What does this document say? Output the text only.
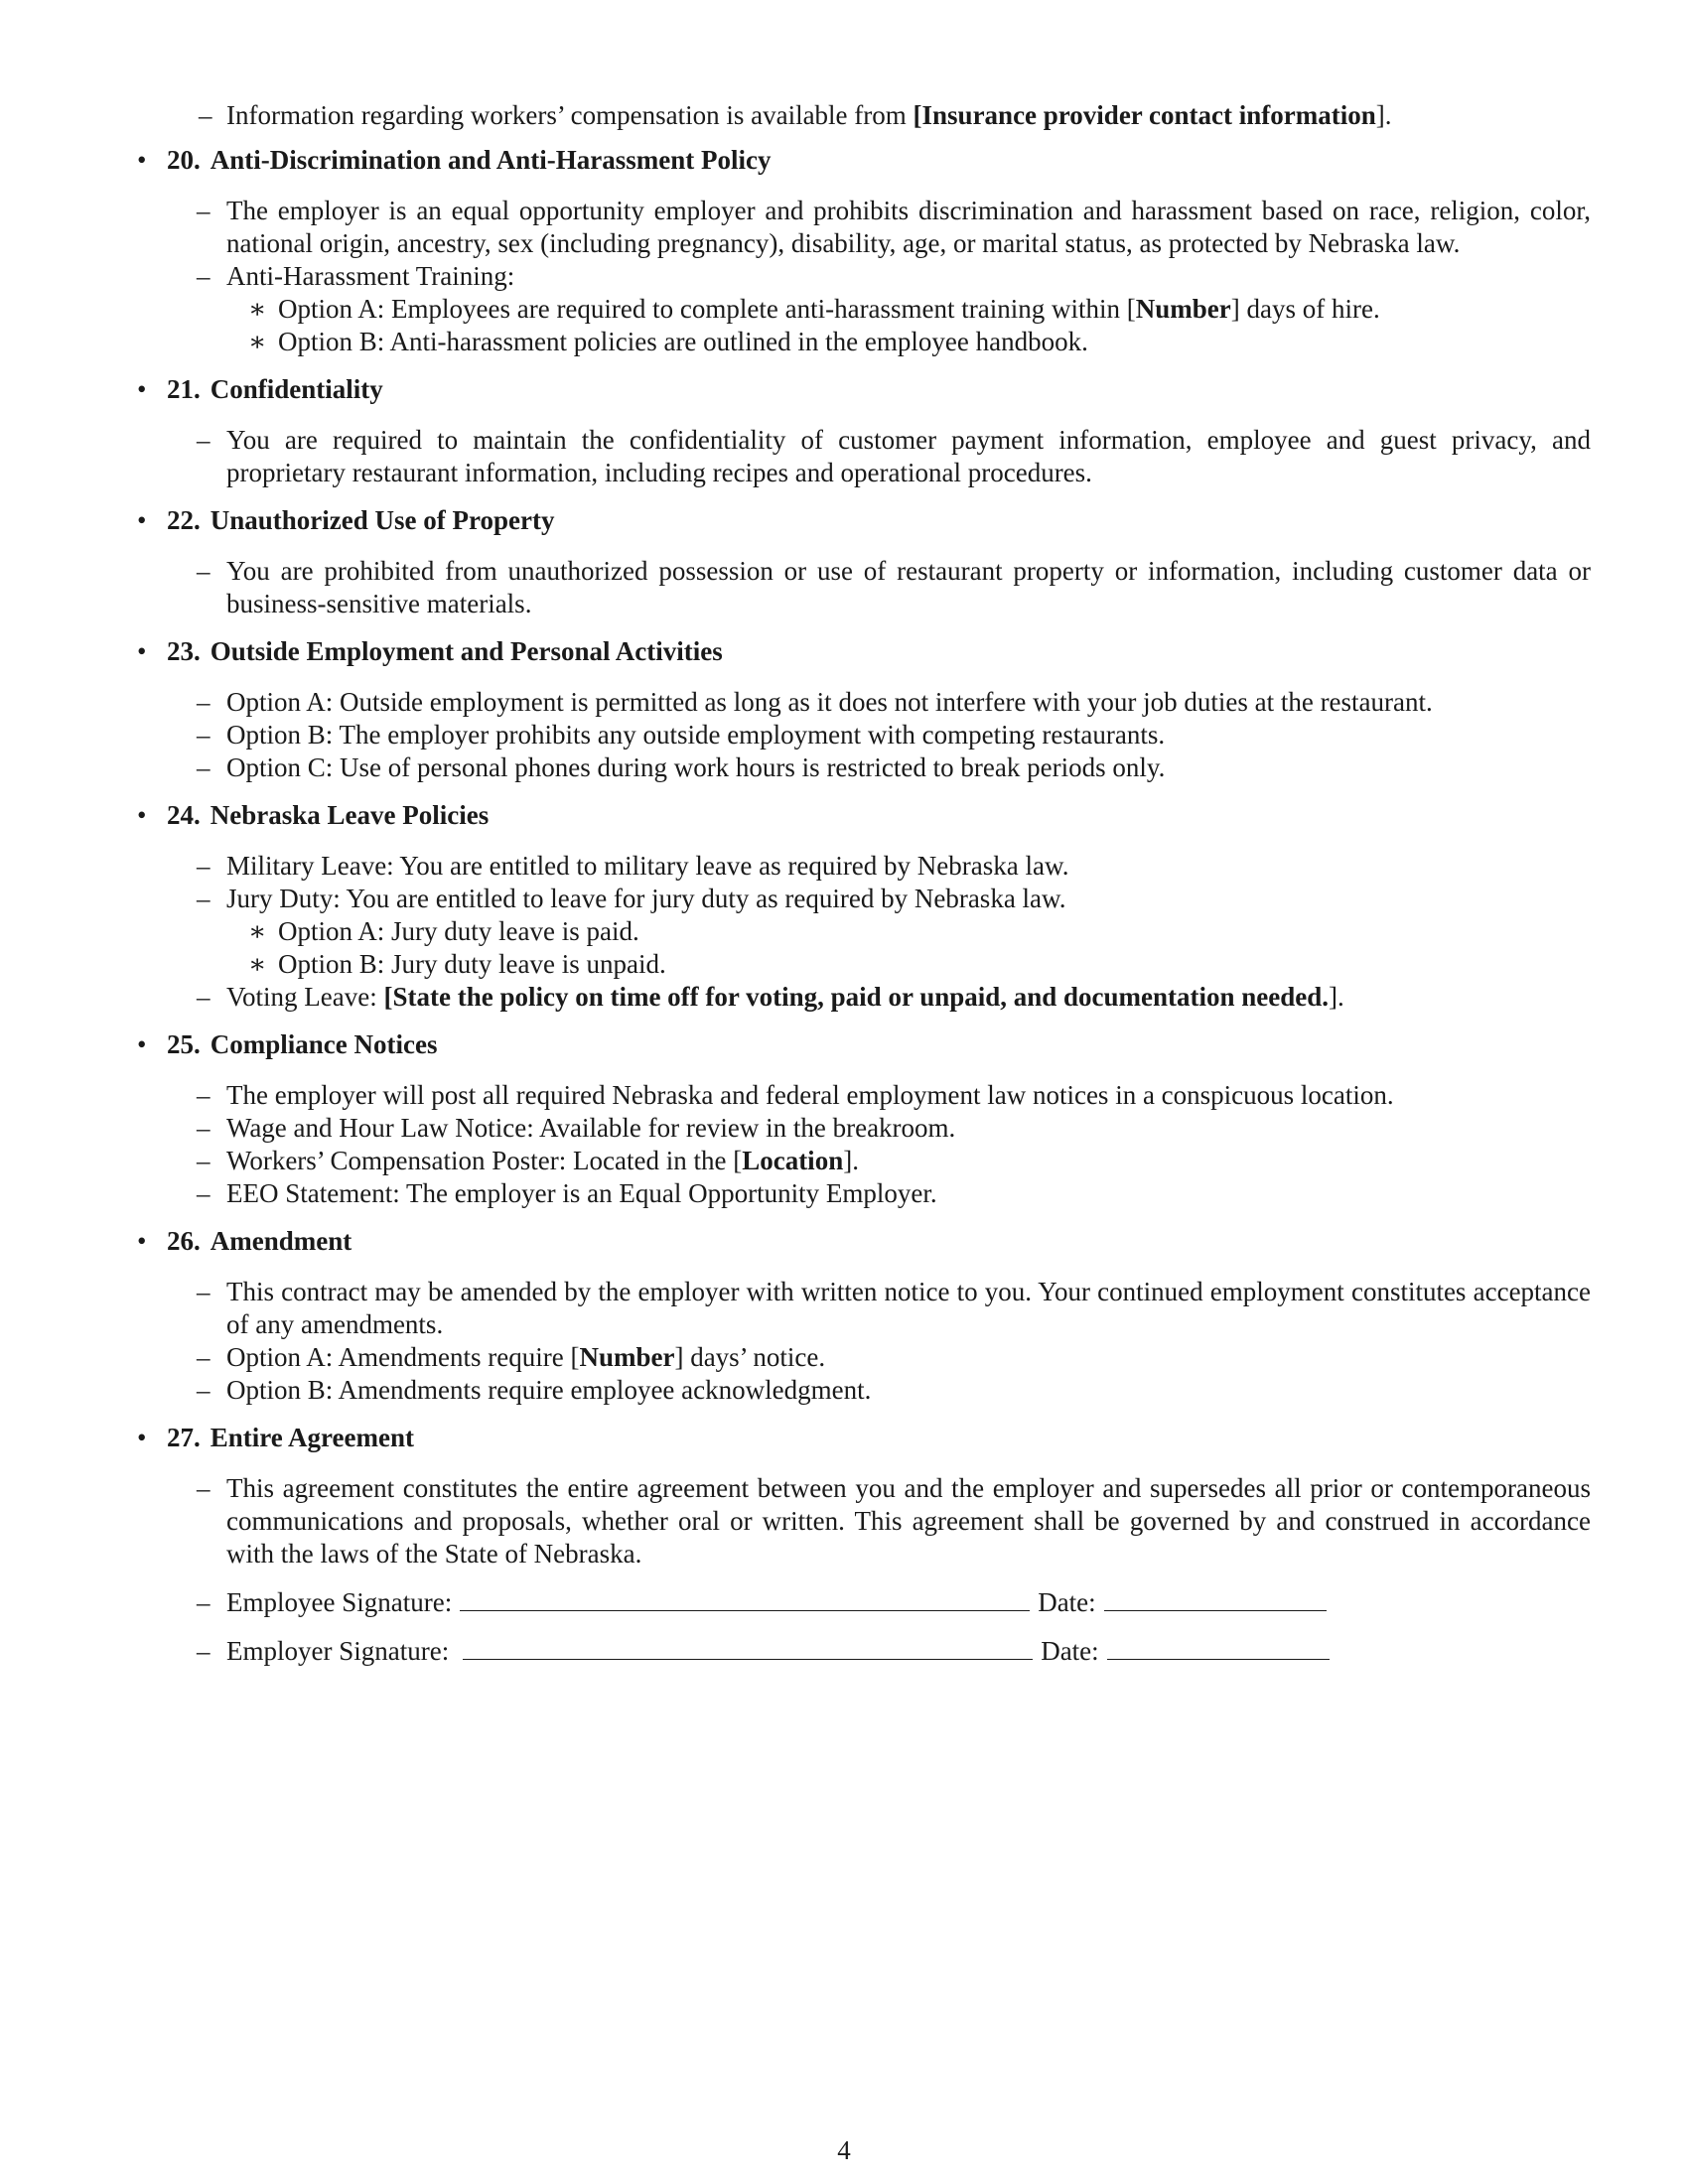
– Information regarding workers’ compensation is available from [Insurance provider contact information].
• 20. Anti-Discrimination and Anti-Harassment Policy
– The employer is an equal opportunity employer and prohibits discrimination and harassment based on race, religion, color, national origin, ancestry, sex (including pregnancy), disability, age, or marital status, as protected by Nebraska law.
– Anti-Harassment Training:
∗ Option A: Employees are required to complete anti-harassment training within [Number] days of hire.
∗ Option B: Anti-harassment policies are outlined in the employee handbook.
• 21. Confidentiality
– You are required to maintain the confidentiality of customer payment information, employee and guest privacy, and proprietary restaurant information, including recipes and operational procedures.
• 22. Unauthorized Use of Property
– You are prohibited from unauthorized possession or use of restaurant property or information, including customer data or business-sensitive materials.
• 23. Outside Employment and Personal Activities
– Option A: Outside employment is permitted as long as it does not interfere with your job duties at the restaurant.
– Option B: The employer prohibits any outside employment with competing restaurants.
– Option C: Use of personal phones during work hours is restricted to break periods only.
• 24. Nebraska Leave Policies
– Military Leave: You are entitled to military leave as required by Nebraska law.
– Jury Duty: You are entitled to leave for jury duty as required by Nebraska law.
∗ Option A: Jury duty leave is paid.
∗ Option B: Jury duty leave is unpaid.
– Voting Leave: [State the policy on time off for voting, paid or unpaid, and documentation needed.].
• 25. Compliance Notices
– The employer will post all required Nebraska and federal employment law notices in a conspicuous location.
– Wage and Hour Law Notice: Available for review in the breakroom.
– Workers’ Compensation Poster: Located in the [Location].
– EEO Statement: The employer is an Equal Opportunity Employer.
• 26. Amendment
– This contract may be amended by the employer with written notice to you. Your continued employment constitutes acceptance of any amendments.
– Option A: Amendments require [Number] days’ notice.
– Option B: Amendments require employee acknowledgment.
• 27. Entire Agreement
– This agreement constitutes the entire agreement between you and the employer and supersedes all prior or contemporaneous communications and proposals, whether oral or written. This agreement shall be governed by and construed in accordance with the laws of the State of Nebraska.
– Employee Signature:	Date:
– Employer Signature:	Date:
4
